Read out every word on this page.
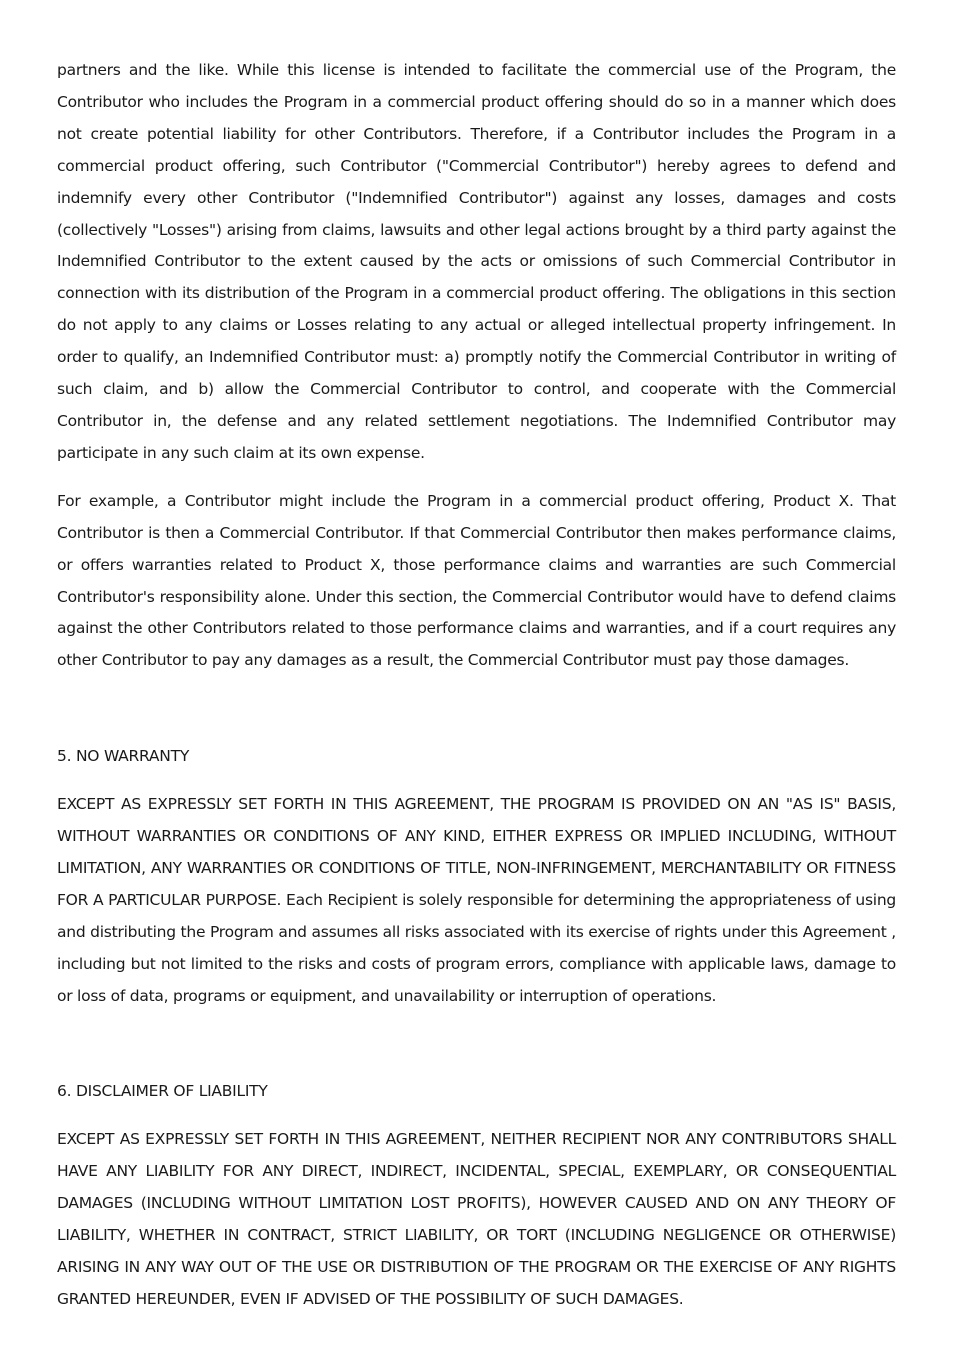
partners and the like. While this license is intended to facilitate the commercial use of the Program, the Contributor who includes the Program in a commercial product offering should do so in a manner which does not create potential liability for other Contributors. Therefore, if a Contributor includes the Program in a commercial product offering, such Contributor ("Commercial Contributor") hereby agrees to defend and indemnify every other Contributor ("Indemnified Contributor") against any losses, damages and costs (collectively "Losses") arising from claims, lawsuits and other legal actions brought by a third party against the Indemnified Contributor to the extent caused by the acts or omissions of such Commercial Contributor in connection with its distribution of the Program in a commercial product offering. The obligations in this section do not apply to any claims or Losses relating to any actual or alleged intellectual property infringement. In order to qualify, an Indemnified Contributor must: a) promptly notify the Commercial Contributor in writing of such claim, and b) allow the Commercial Contributor to control, and cooperate with the Commercial Contributor in, the defense and any related settlement negotiations. The Indemnified Contributor may participate in any such claim at its own expense.

For example, a Contributor might include the Program in a commercial product offering, Product X. That Contributor is then a Commercial Contributor. If that Commercial Contributor then makes performance claims, or offers warranties related to Product X, those performance claims and warranties are such Commercial Contributor's responsibility alone. Under this section, the Commercial Contributor would have to defend claims against the other Contributors related to those performance claims and warranties, and if a court requires any other Contributor to pay any damages as a result, the Commercial Contributor must pay those damages.

5. NO WARRANTY

EXCEPT AS EXPRESSLY SET FORTH IN THIS AGREEMENT, THE PROGRAM IS PROVIDED ON AN "AS IS" BASIS, WITHOUT WARRANTIES OR CONDITIONS OF ANY KIND, EITHER EXPRESS OR IMPLIED INCLUDING, WITHOUT LIMITATION, ANY WARRANTIES OR CONDITIONS OF TITLE, NON-INFRINGEMENT, MERCHANTABILITY OR FITNESS FOR A PARTICULAR PURPOSE. Each Recipient is solely responsible for determining the appropriateness of using and distributing the Program and assumes all risks associated with its exercise of rights under this Agreement , including but not limited to the risks and costs of program errors, compliance with applicable laws, damage to or loss of data, programs or equipment, and unavailability or interruption of operations.

6. DISCLAIMER OF LIABILITY

EXCEPT AS EXPRESSLY SET FORTH IN THIS AGREEMENT, NEITHER RECIPIENT NOR ANY CONTRIBUTORS SHALL HAVE ANY LIABILITY FOR ANY DIRECT, INDIRECT, INCIDENTAL, SPECIAL, EXEMPLARY, OR CONSEQUENTIAL DAMAGES (INCLUDING WITHOUT LIMITATION LOST PROFITS), HOWEVER CAUSED AND ON ANY THEORY OF LIABILITY, WHETHER IN CONTRACT, STRICT LIABILITY, OR TORT (INCLUDING NEGLIGENCE OR OTHERWISE) ARISING IN ANY WAY OUT OF THE USE OR DISTRIBUTION OF THE PROGRAM OR THE EXERCISE OF ANY RIGHTS GRANTED HEREUNDER, EVEN IF ADVISED OF THE POSSIBILITY OF SUCH DAMAGES.
